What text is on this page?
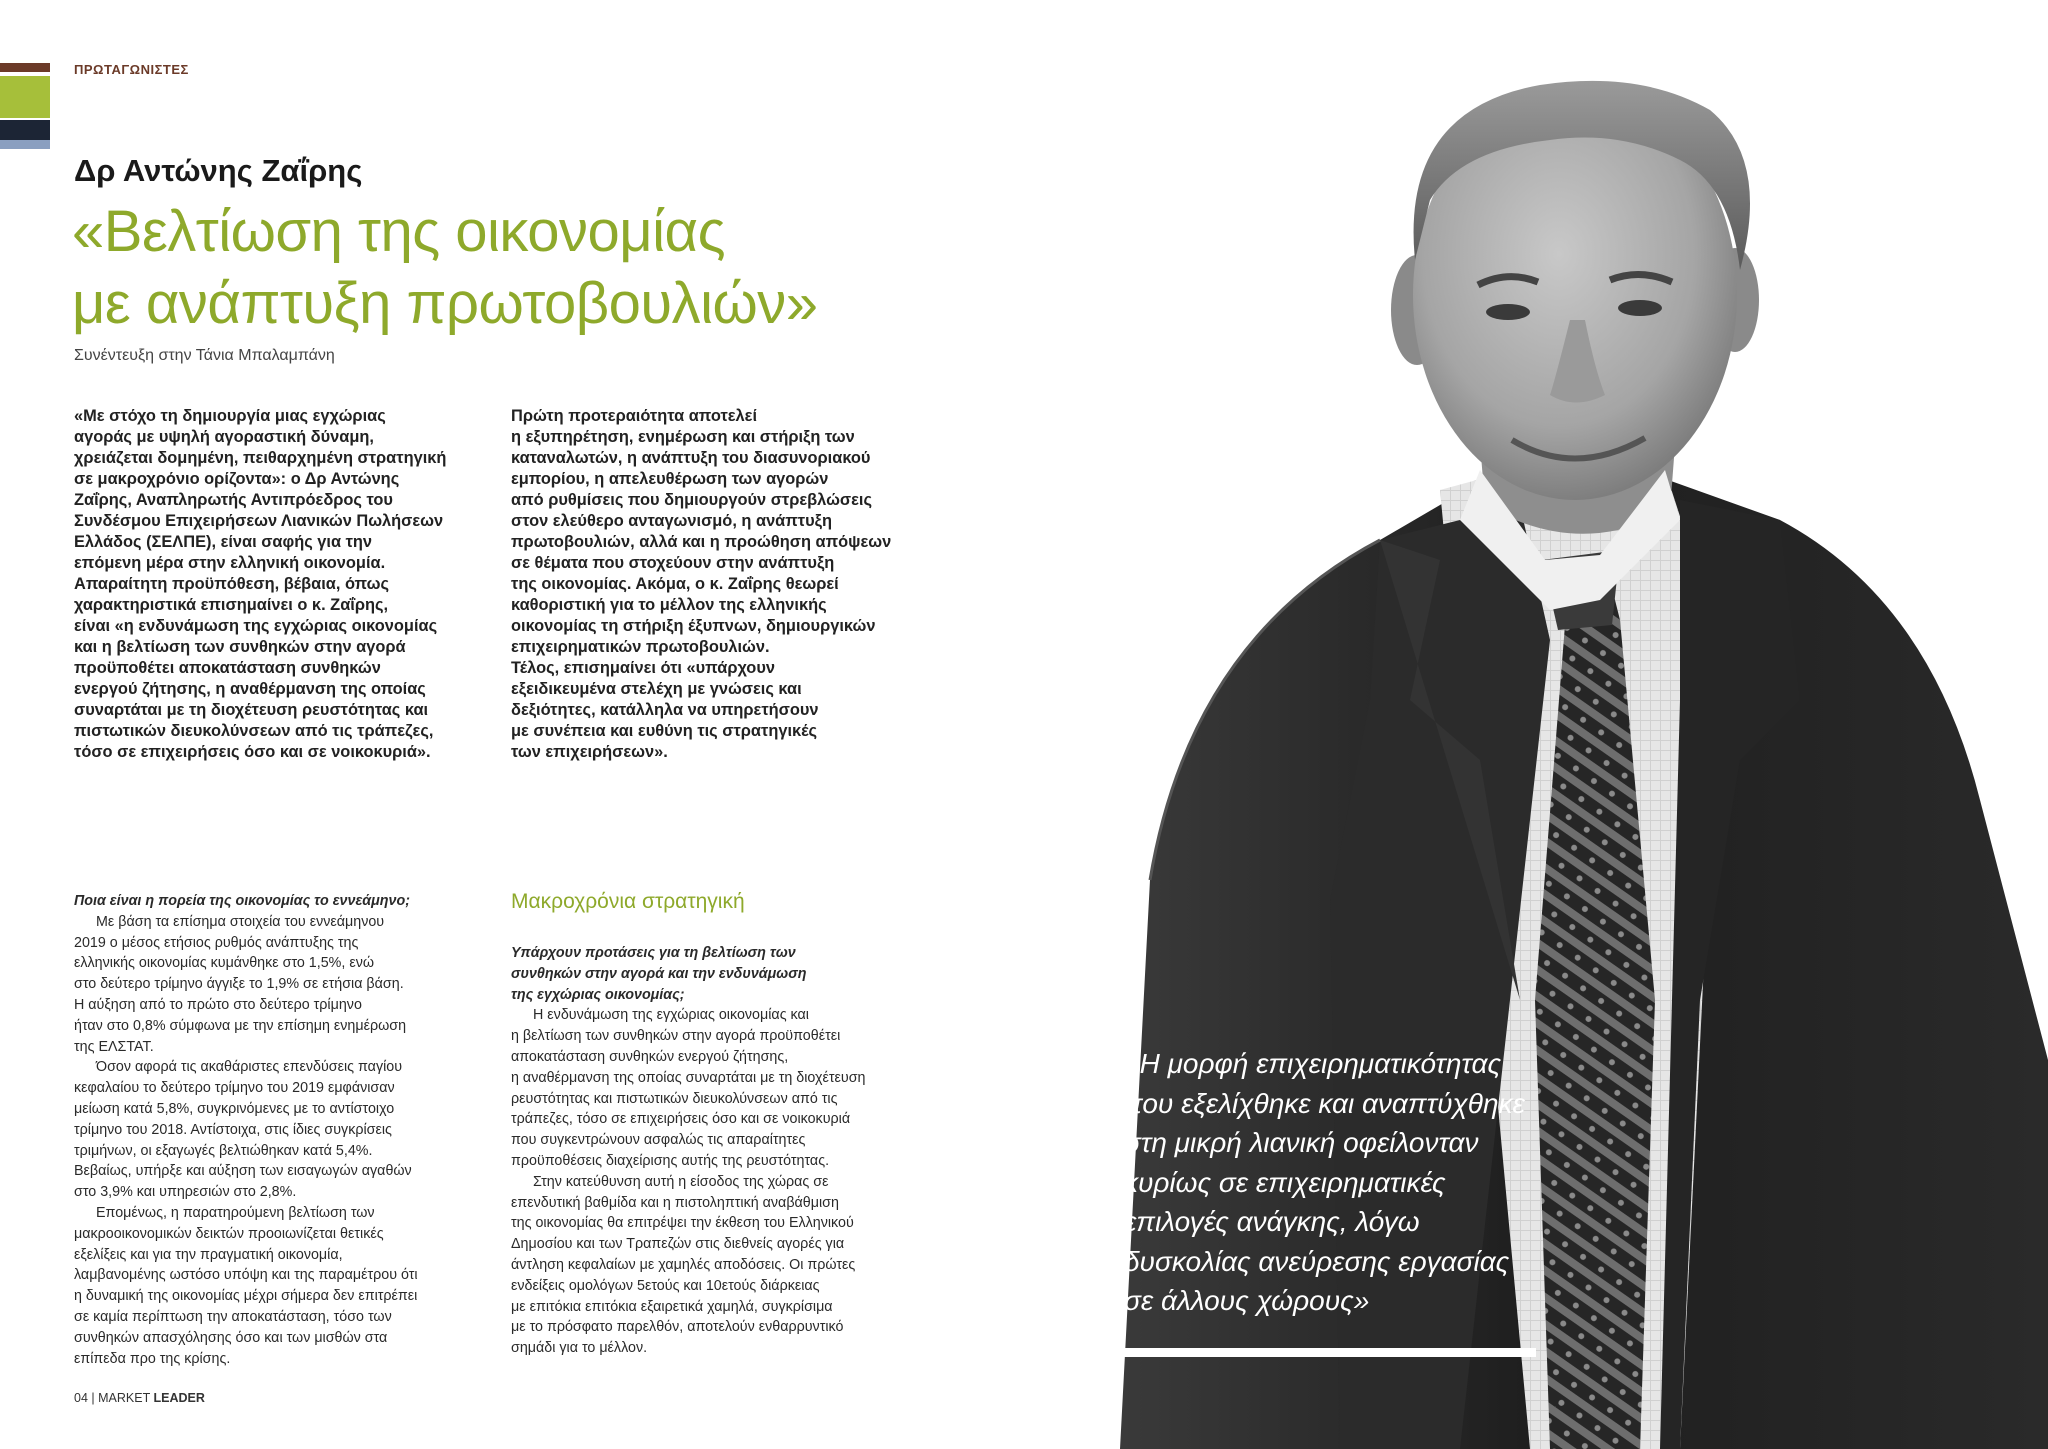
ΠΡΩΤΑΓΩΝΙΣΤΕΣ
Δρ Αντώνης Ζαΐρης
«Βελτίωση της οικονομίας
με ανάπτυξη πρωτοβουλιών»
Συνέντευξη στην Τάνια Μπαλαμπάνη
«Με στόχο τη δημιουργία μιας εγχώριας
αγοράς με υψηλή αγοραστική δύναμη,
χρειάζεται δομημένη, πειθαρχημένη στρατηγική
σε μακροχρόνιο ορίζοντα»: ο Δρ Αντώνης
Ζαΐρης, Αναπληρωτής Αντιπρόεδρος του
Συνδέσμου Επιχειρήσεων Λιανικών Πωλήσεων
Ελλάδος (ΣΕΛΠΕ), είναι σαφής για την
επόμενη μέρα στην ελληνική οικονομία.
Απαραίτητη προϋπόθεση, βέβαια, όπως
χαρακτηριστικά επισημαίνει ο κ. Ζαΐρης,
είναι «η ενδυνάμωση της εγχώριας οικονομίας
και η βελτίωση των συνθηκών στην αγορά
προϋποθέτει αποκατάσταση συνθηκών
ενεργού ζήτησης, η αναθέρμανση της οποίας
συναρτάται με τη διοχέτευση ρευστότητας και
πιστωτικών διευκολύνσεων από τις τράπεζες,
τόσο σε επιχειρήσεις όσο και σε νοικοκυριά».
Πρώτη προτεραιότητα αποτελεί
η εξυπηρέτηση, ενημέρωση και στήριξη των
καταναλωτών, η ανάπτυξη του διασυνοριακού
εμπορίου, η απελευθέρωση των αγορών
από ρυθμίσεις που δημιουργούν στρεβλώσεις
στον ελεύθερο ανταγωνισμό, η ανάπτυξη
πρωτοβουλιών, αλλά και η προώθηση απόψεων
σε θέματα που στοχεύουν στην ανάπτυξη
της οικονομίας. Ακόμα, ο κ. Ζαΐρης θεωρεί
καθοριστική για το μέλλον της ελληνικής
οικονομίας τη στήριξη έξυπνων, δημιουργικών
επιχειρηματικών πρωτοβουλιών.
Τέλος, επισημαίνει ότι «υπάρχουν
εξειδικευμένα στελέχη με γνώσεις και
δεξιότητες, κατάλληλα να υπηρετήσουν
με συνέπεια και ευθύνη τις στρατηγικές
των επιχειρήσεων».
Ποια είναι η πορεία της οικονομίας το εννεάμηνο;
Με βάση τα επίσημα στοιχεία του εννεάμηνου
2019 ο μέσος ετήσιος ρυθμός ανάπτυξης της
ελληνικής οικονομίας κυμάνθηκε στο 1,5%, ενώ
στο δεύτερο τρίμηνο άγγιξε το 1,9% σε ετήσια βάση.
Η αύξηση από το πρώτο στο δεύτερο τρίμηνο
ήταν στο 0,8% σύμφωνα με την επίσημη ενημέρωση
της ΕΛΣΤΑΤ.
Όσον αφορά τις ακαθάριστες επενδύσεις παγίου
κεφαλαίου το δεύτερο τρίμηνο του 2019 εμφάνισαν
μείωση κατά 5,8%, συγκρινόμενες με το αντίστοιχο
τρίμηνο του 2018. Αντίστοιχα, στις ίδιες συγκρίσεις
τριμήνων, οι εξαγωγές βελτιώθηκαν κατά 5,4%.
Βεβαίως, υπήρξε και αύξηση των εισαγωγών αγαθών
στο 3,9% και υπηρεσιών στο 2,8%.
Επομένως, η παρατηρούμενη βελτίωση των
μακροοικονομικών δεικτών προοιωνίζεται θετικές
εξελίξεις και για την πραγματική οικονομία,
λαμβανομένης ωστόσο υπόψη και της παραμέτρου ότι
η δυναμική της οικονομίας μέχρι σήμερα δεν επιτρέπει
σε καμία περίπτωση την αποκατάσταση, τόσο των
συνθηκών απασχόλησης όσο και των μισθών στα
επίπεδα προ της κρίσης.
Μακροχρόνια στρατηγική
Υπάρχουν προτάσεις για τη βελτίωση των
συνθηκών στην αγορά και την ενδυνάμωση
της εγχώριας οικονομίας;
Η ενδυνάμωση της εγχώριας οικονομίας και
η βελτίωση των συνθηκών στην αγορά προϋποθέτει
αποκατάσταση συνθηκών ενεργού ζήτησης,
η αναθέρμανση της οποίας συναρτάται με τη διοχέτευση
ρευστότητας και πιστωτικών διευκολύνσεων από τις
τράπεζες, τόσο σε επιχειρήσεις όσο και σε νοικοκυριά
που συγκεντρώνουν ασφαλώς τις απαραίτητες
προϋποθέσεις διαχείρισης αυτής της ρευστότητας.
Στην κατεύθυνση αυτή η είσοδος της χώρας σε
επενδυτική βαθμίδα και η πιστοληπτική αναβάθμιση
της οικονομίας θα επιτρέψει την έκθεση του Ελληνικού
Δημοσίου και των Τραπεζών στις διεθνείς αγορές για
άντληση κεφαλαίων με χαμηλές αποδόσεις. Οι πρώτες
ενδείξεις ομολόγων 5ετούς και 10ετούς διάρκειας
με επιτόκια επιτόκια εξαιρετικά χαμηλά, συγκρίσιμα
με το πρόσφατο παρελθόν, αποτελούν ενθαρρυντικό
σημάδι για το μέλλον.
04 | MARKET LEADER
«Η μορφή επιχειρηματικότητας
που εξελίχθηκε και αναπτύχθηκε
στη μικρή λιανική οφείλονταν
κυρίως σε επιχειρηματικές
επιλογές ανάγκης, λόγω
δυσκολίας ανεύρεσης εργασίας
σε άλλους χώρους»
